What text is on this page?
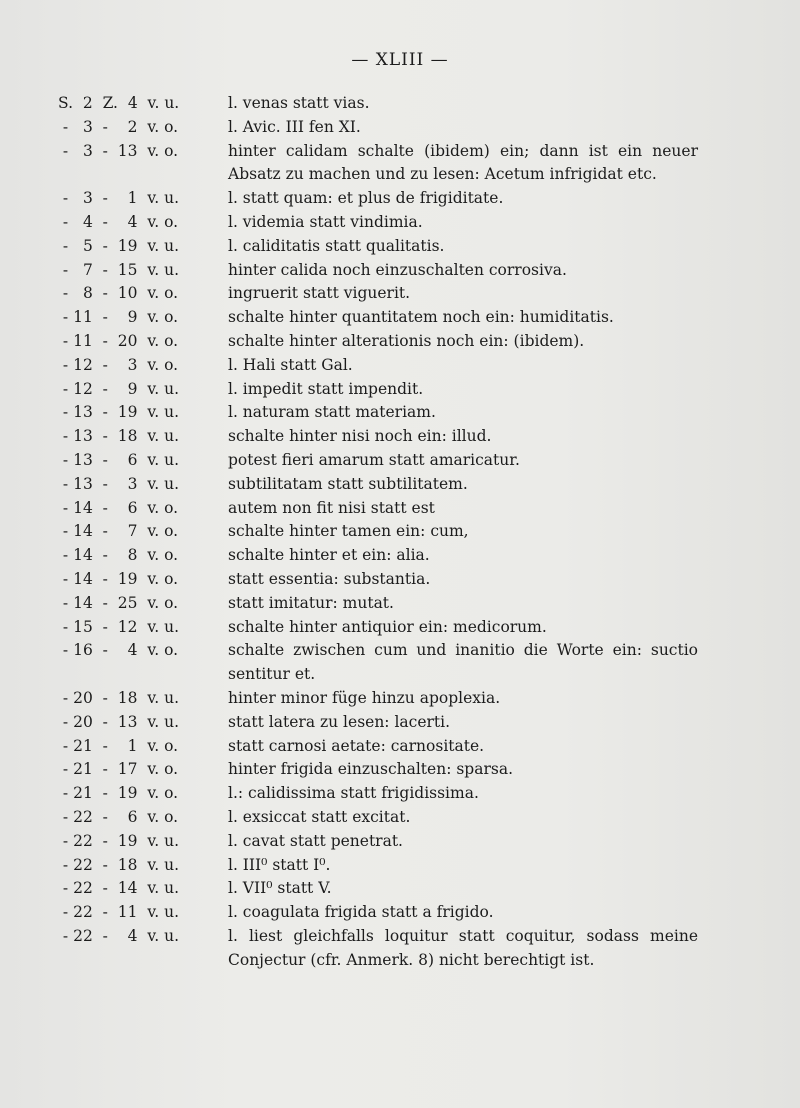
— XLIII —
S.  2  Z.  4  v. u.	l. venas statt vias.
-   3  -    2  v. o.	l. Avic. III fen XI.
-   3  -  13  v. o.	hinter calidam schalte (ibidem) ein; dann ist ein neuer Absatz zu machen und zu lesen: Acetum infrigidat etc.
-   3  -    1  v. u.	l. statt quam: et plus de frigiditate.
-   4  -    4  v. o.	l. videmia statt vindimia.
-   5  -  19  v. u.	l. caliditatis statt qualitatis.
-   7  -  15  v. u.	hinter calida noch einzuschalten corrosiva.
-   8  -  10  v. o.	ingruerit statt viguerit.
- 11  -    9  v. o.	schalte hinter quantitatem noch ein: humiditatis.
- 11  -  20  v. o.	schalte hinter alterationis noch ein: (ibidem).
- 12  -    3  v. o.	l. Hali statt Gal.
- 12  -    9  v. u.	l. impedit statt impendit.
- 13  -  19  v. u.	l. naturam statt materiam.
- 13  -  18  v. u.	schalte hinter nisi noch ein: illud.
- 13  -    6  v. u.	potest fieri amarum statt amaricatur.
- 13  -    3  v. u.	subtilitatam statt subtilitatem.
- 14  -    6  v. o.	autem non fit nisi statt est
- 14  -    7  v. o.	schalte hinter tamen ein: cum,
- 14  -    8  v. o.	schalte hinter et ein: alia.
- 14  -  19  v. o.	statt essentia: substantia.
- 14  -  25  v. o.	statt imitatur: mutat.
- 15  -  12  v. u.	schalte hinter antiquior ein: medicorum.
- 16  -    4  v. o.	schalte zwischen cum und inanitio die Worte ein: suctio sentitur et.
- 20  -  18  v. u.	hinter minor füge hinzu apoplexia.
- 20  -  13  v. u.	statt latera zu lesen: lacerti.
- 21  -    1  v. o.	statt carnosi aetate: carnositate.
- 21  -  17  v. o.	hinter frigida einzuschalten: sparsa.
- 21  -  19  v. o.	l.: calidissima statt frigidissima.
- 22  -    6  v. o.	l. exsiccat statt excitat.
- 22  -  19  v. u.	l. cavat statt penetrat.
- 22  -  18  v. u.	l. III⁰ statt I⁰.
- 22  -  14  v. u.	l. VII⁰ statt V.
- 22  -  11  v. u.	l. coagulata frigida statt a frigido.
- 22  -    4  v. u.	l. liest gleichfalls loquitur statt coquitur, sodass meine Conjectur (cfr. Anmerk. 8) nicht berechtigt ist.
